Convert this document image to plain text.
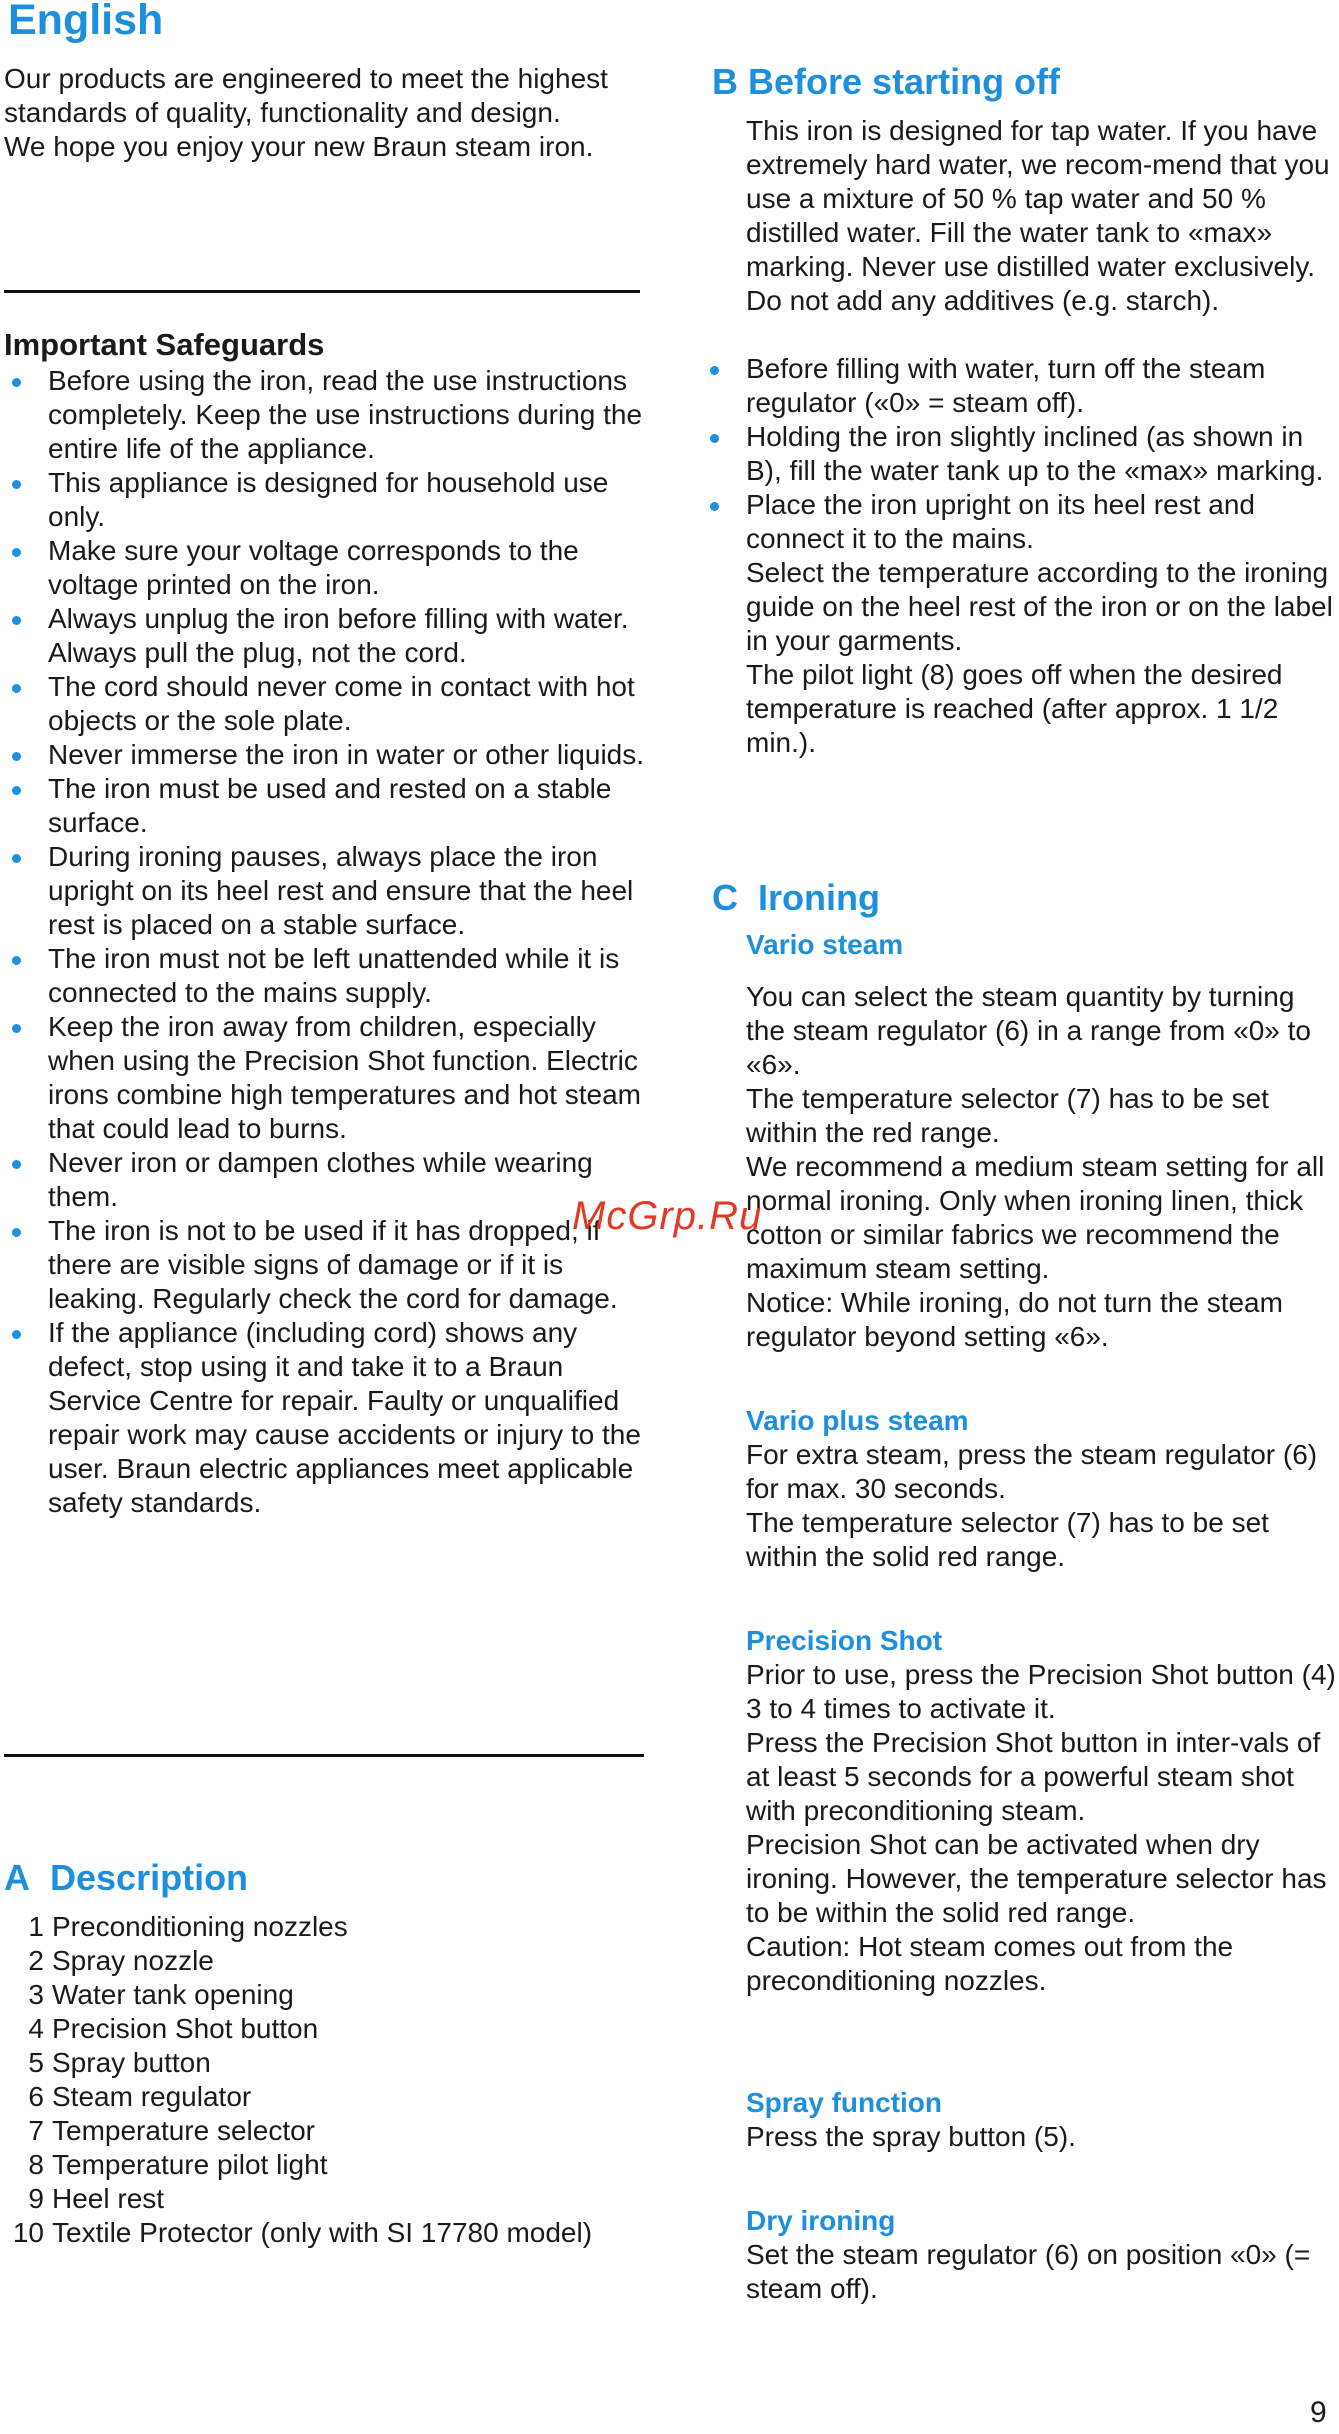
English
Our products are engineered to meet the highest standards of quality, functionality and design.
We hope you enjoy your new Braun steam iron.
Important Safeguards
Before using the iron, read the use instructions completely. Keep the use instructions during the entire life of the appliance.
This appliance is designed for household use only.
Make sure your voltage corresponds to the voltage printed on the iron.
Always unplug the iron before filling with water. Always pull the plug, not the cord.
The cord should never come in contact with hot objects or the sole plate.
Never immerse the iron in water or other liquids.
The iron must be used and rested on a stable surface.
During ironing pauses, always place the iron upright on its heel rest and ensure that the heel rest is placed on a stable surface.
The iron must not be left unattended while it is connected to the mains supply.
Keep the iron away from children, especially when using the Precision Shot function. Electric irons combine high temperatures and hot steam that could lead to burns.
Never iron or dampen clothes while wearing them.
The iron is not to be used if it has dropped, if there are visible signs of damage or if it is leaking. Regularly check the cord for damage.
If the appliance (including cord) shows any defect, stop using it and take it to a Braun Service Centre for repair. Faulty or unqualified repair work may cause accidents or injury to the user. Braun electric appliances meet applicable safety standards.
A Description
1 Preconditioning nozzles
2 Spray nozzle
3 Water tank opening
4 Precision Shot button
5 Spray button
6 Steam regulator
7 Temperature selector
8 Temperature pilot light
9 Heel rest
10 Textile Protector (only with SI 17780 model)
B Before starting off
This iron is designed for tap water. If you have extremely hard water, we recom-mend that you use a mixture of 50 % tap water and 50 % distilled water. Fill the water tank to «max» marking. Never use distilled water exclusively. Do not add any additives (e.g. starch).
Before filling with water, turn off the steam regulator («0» = steam off).
Holding the iron slightly inclined (as shown in B), fill the water tank up to the «max» marking.
Place the iron upright on its heel rest and connect it to the mains.
Select the temperature according to the ironing guide on the heel rest of the iron or on the label in your garments.
The pilot light (8) goes off when the desired temperature is reached (after approx. 1 1/2 min.).
C Ironing
Vario steam
You can select the steam quantity by turning the steam regulator (6) in a range from «0» to «6».
The temperature selector (7) has to be set within the red range.
We recommend a medium steam setting for all normal ironing. Only when ironing linen, thick cotton or similar fabrics we recommend the maximum steam setting.
Notice: While ironing, do not turn the steam regulator beyond setting «6».
Vario plus steam
For extra steam, press the steam regulator (6) for max. 30 seconds.
The temperature selector (7) has to be set within the solid red range.
Precision Shot
Prior to use, press the Precision Shot button (4) 3 to 4 times to activate it.
Press the Precision Shot button in inter-vals of at least 5 seconds for a powerful steam shot with preconditioning steam.
Precision Shot can be activated when dry ironing. However, the temperature selector has to be within the solid red range.
Caution: Hot steam comes out from the preconditioning nozzles.
Spray function
Press the spray button (5).
Dry ironing
Set the steam regulator (6) on position «0» (= steam off).
McGrp.Ru
9
